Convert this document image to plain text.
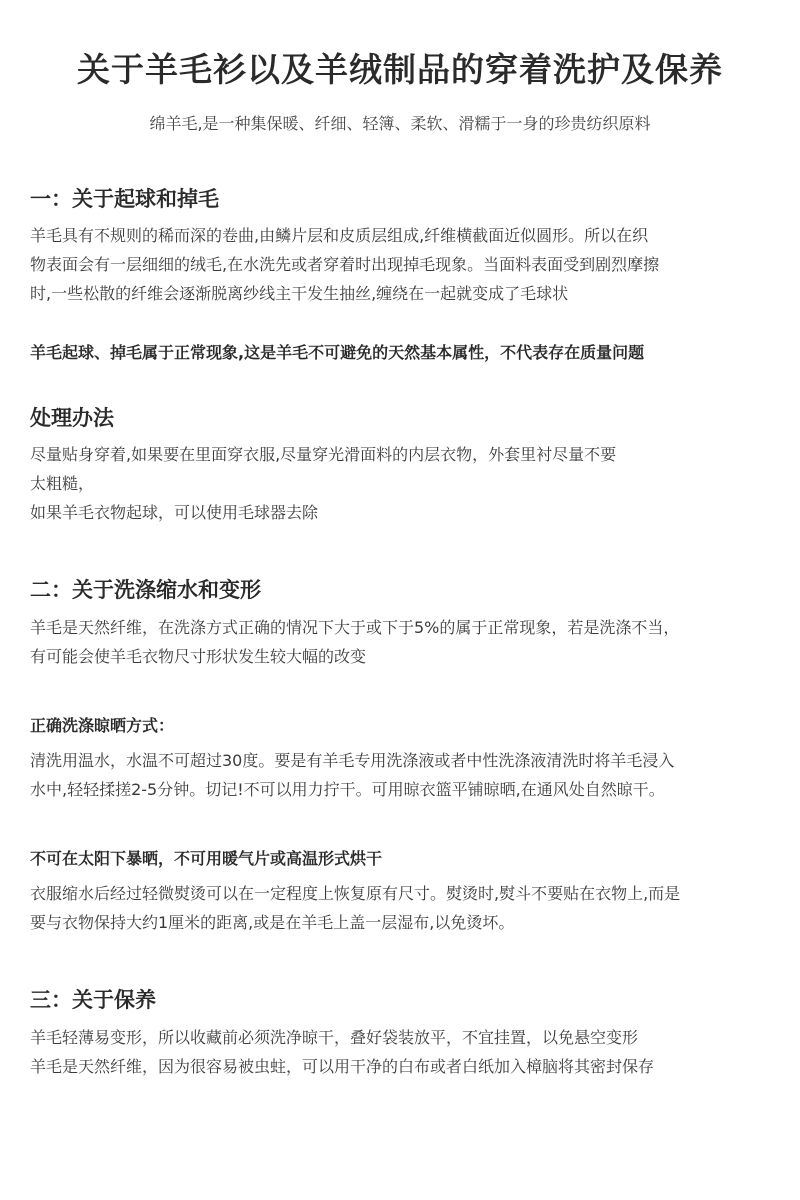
关于羊毛衫以及羊绒制品的穿着洗护及保养

绵羊毛,是一种集保暖、纤细、轻簿、柔软、滑糯于一身的珍贵纺织原料

一：关于起球和掉毛
羊毛具有不规则的稀而深的卷曲,由鳞片层和皮质层组成,纤维横截面近似圆形。所以在织
物表面会有一层细细的绒毛,在水洗先或者穿着时出现掉毛现象。当面料表面受到剧烈摩擦
时,一些松散的纤维会逐渐脱离纱线主干发生抽丝,缠绕在一起就变成了毛球状
羊毛起球、掉毛属于正常现象,这是羊毛不可避免的天然基本属性，不代表存在质量问题
处理办法
尽量贴身穿着,如果要在里面穿衣服,尽量穿光滑面料的内层衣物，外套里衬尽量不要
太粗糙，
如果羊毛衣物起球，可以使用毛球器去除
二：关于洗涤缩水和变形
羊毛是天然纤维，在洗涤方式正确的情况下大于或下于5%的属于正常现象，若是洗涤不当，
有可能会使羊毛衣物尺寸形状发生较大幅的改变
正确洗涤晾晒方式：
清洗用温水，水温不可超过30度。要是有羊毛专用洗涤液或者中性洗涤液清洗时将羊毛浸入
水中,轻轻揉搓2-5分钟。切记!不可以用力拧干。可用晾衣篮平铺晾晒,在通风处自然晾干。
不可在太阳下暴晒，不可用暖气片或高温形式烘干
衣服缩水后经过轻微熨烫可以在一定程度上恢复原有尺寸。熨烫时,熨斗不要贴在衣物上,而是
要与衣物保持大约1厘米的距离,或是在羊毛上盖一层湿布,以免烫坏。
三：关于保养
羊毛轻薄易变形，所以收藏前必须洗净晾干，叠好袋装放平，不宜挂置，以免悬空变形
羊毛是天然纤维，因为很容易被虫蛀，可以用干净的白布或者白纸加入樟脑将其密封保存
